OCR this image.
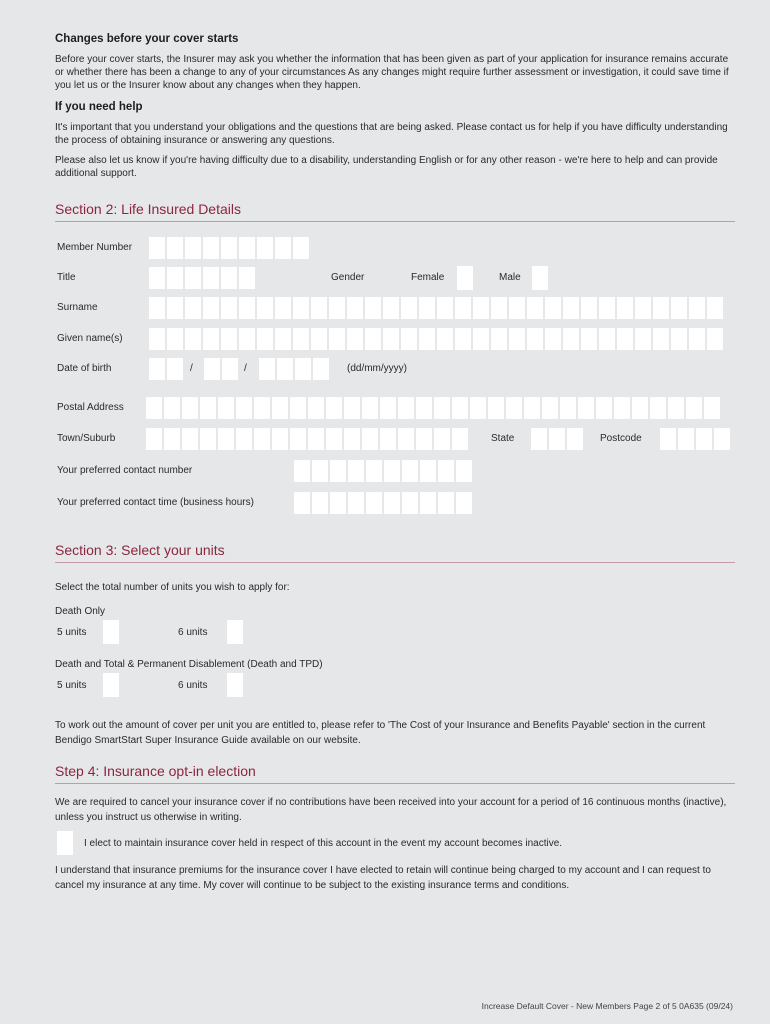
Changes before your cover starts
Before your cover starts, the Insurer may ask you whether the information that has been given as part of your application for insurance remains accurate or whether there has been a change to any of your circumstances As any changes might require further assessment or investigation, it could save time if you let us or the Insurer know about any changes when they happen.
If you need help
It's important that you understand your obligations and the questions that are being asked. Please contact us for help if you have difficulty understanding the process of obtaining insurance or answering any questions.
Please also let us know if you're having difficulty due to a disability, understanding English or for any other reason - we're here to help and can provide additional support.
Section 2: Life Insured Details
Member Number
Title	Gender	Female	Male
Surname
Given name(s)
Date of birth	/	/	(dd/mm/yyyy)
Postal Address
Town/Suburb	State	Postcode
Your preferred contact number
Your preferred contact time (business hours)
Section 3: Select your units
Select the total number of units you wish to apply for:
Death Only
5 units	6 units
Death and Total & Permanent Disablement (Death and TPD)
5 units	6 units
To work out the amount of cover per unit you are entitled to, please refer to 'The Cost of your Insurance and Benefits Payable' section in the current Bendigo SmartStart Super Insurance Guide available on our website.
Step 4: Insurance opt-in election
We are required to cancel your insurance cover if no contributions have been received into your account for a period of 16 continuous months (inactive), unless you instruct us otherwise in writing.
I elect to maintain insurance cover held in respect of this account in the event my account becomes inactive.
I understand that insurance premiums for the insurance cover I have elected to retain will continue being charged to my account and I can request to cancel my insurance at any time. My cover will continue to be subject to the existing insurance terms and conditions.
Increase Default Cover - New Members Page 2 of 5 0A635 (09/24)
